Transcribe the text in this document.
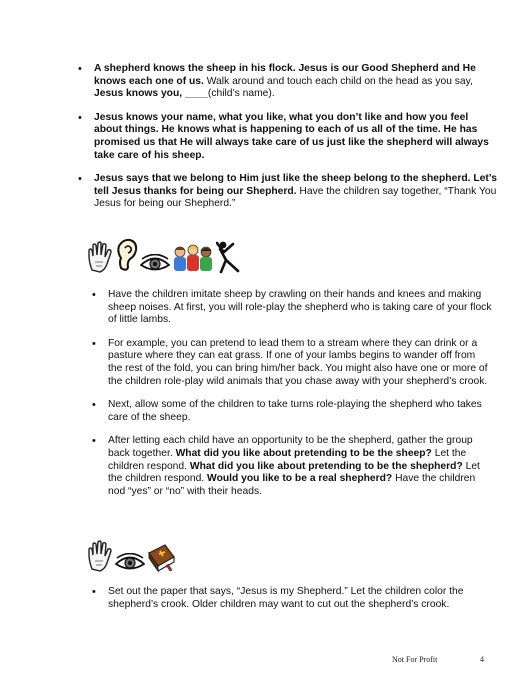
• A shepherd knows the sheep in his flock. Jesus is our Good Shepherd and He knows each one of us. Walk around and touch each child on the head as you say, Jesus knows you, ____(child’s name).
• Jesus knows your name, what you like, what you don’t like and how you feel about things. He knows what is happening to each of us all of the time. He has promised us that He will always take care of us just like the shepherd will always take care of his sheep.
• Jesus says that we belong to Him just like the sheep belong to the shepherd. Let’s tell Jesus thanks for being our Shepherd. Have the children say together, “Thank You Jesus for being our Shepherd.”
• Have the children imitate sheep by crawling on their hands and knees and making sheep noises. At first, you will role-play the shepherd who is taking care of your flock of little lambs.
• For example, you can pretend to lead them to a stream where they can drink or a pasture where they can eat grass. If one of your lambs begins to wander off from the rest of the fold, you can bring him/her back. You might also have one or more of the children role-play wild animals that you chase away with your shepherd’s crook.
• Next, allow some of the children to take turns role-playing the shepherd who takes care of the sheep.
• After letting each child have an opportunity to be the shepherd, gather the group back together. What did you like about pretending to be the sheep? Let the children respond. What did you like about pretending to be the shepherd? Let the children respond. Would you like to be a real shepherd? Have the children nod “yes” or “no” with their heads.
• Set out the paper that says, “Jesus is my Shepherd.” Let the children color the shepherd’s crook. Older children may want to cut out the shepherd’s crook.
Not For Profit	4
